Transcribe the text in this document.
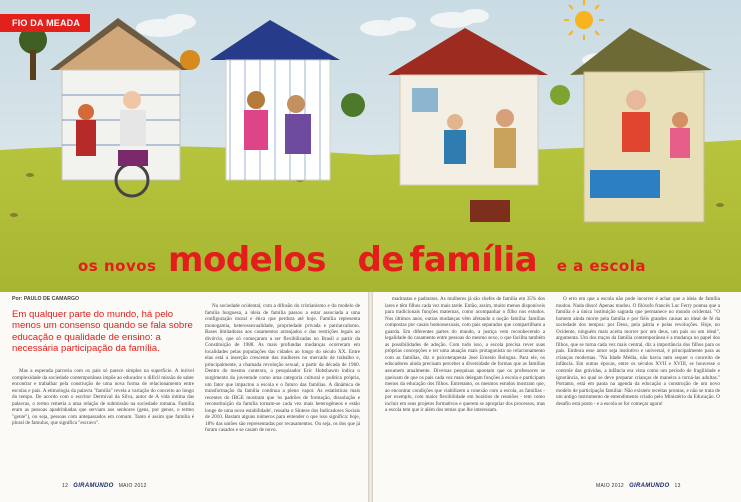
FIO DA MEADA
os novos modelos de família e a escola
Por: PAULO DE CAMARGO
Em qualquer parte do mundo, há pelo menos um consenso quando se fala sobre educação e qualidade de ensino: a necessária participação da família.

Mas a esperada parceria com os pais só parece simples na superfície. A inrível complexidade da sociedade contemporânea impõe ao educador o difícil missão de saber encontrar e trabalhar pela construção de uma nova forma de relacionamento entre escolas e pais. A etimologia da palavra "família" revela a variação do conceito ao longo do tempo. De acordo com o escritor Dermival da Silva, autor de A vida íntima das palavras, o termo remetia a uma relação de submissão na sociedade romana. Família eram as pessoas apadrinhadas que serviam aos senhores (gens, por genos, o termo "gente"), ou seja, pessoas com antepassados em comum. Tanto é assim que família é plural de famulus, que significa "escravo".

Na sociedade ocidental, com a difusão do cristianismo e do modelo de família burguesa, a ideia de família passou a estar associada a uma configuração moral e ética que perdura até hoje. Família representa monogamia, heterossexualidade, propriedade privada e patriarcalismo. Bases limitadoras aos casamentos arranjados e das restrições legais ao divórcio, que só começaram a ser flexibilizadas no Brasil a partir da Constituição de 1988. As mais profundas mudanças ocorreram em localidades pelas populações das cidades ao longo do século XX. Entre elas está a inserção crescente das mulheres no mercado de trabalho e, principalmente, a chamada revolução sexual, a partir da década de 1960. Dentro do mesmo contexto, o pesquisador Eric Hobsbawm indica o surgimento da juventude como uma categoria cultural e política própria, um fator que impactou a escola e o futuro das famílias. A dinâmica de transformação da família continua a pleno vapor. As estatísticas mais recentes do IBGE mostram que 'os padrões de formação, dissolução e reconstituição da família tornam-se cada vez mais heterogêneos e estão longe de uma nova estabilidade', ressalta o Síntese dos Indicadores Sociais de 2010. Bastam alguns números para entender o que isso significa: hoje, 18% das uniões são representadas por recasamentos. Ou seja, os dos que já foram casados e se casam de novo.

madrastas e padrastos. As mulheres já são chefes de família em 35% dos lares e têm filhos cada vez mais tarde. Então, assim, muito menos disponíveis para tradicionais funções maternas, como acompanhar o filho nos estudos. Nos últimos anos, outras mudanças vêm afetando a noção família: famílias compostas por casais homossexuais, com pais separados que compartilham a guarda. Em diferentes partes do mundo, a justiça vem reconhecendo a legalidade do casamento entre pessoas do mesmo sexo, o que facilita também as possibilidades de adoção. Com tudo isso, a escola precisa rever suas próprias concepções e ter uma atuação mais protagonista no relacionamento com as famílias, diz o psicoterapeuta José Ernesto Bologna. Para ele, os educadores ainda precisam perceber a diversidade de formas que as famílias assumem atualmente. Diversas pesquisas apontam que os professores se queixam de que os pais cada vez mais delegam funções à escola e participam menos da educação dos filhos. Entretanto, os mesmos estudos mostram que, ao encontrar condições que viabilizem a conexão com a escola, as famílias - por exemplo, com maior flexibilidade em horários de reuniões - tem como incluir em seus projetos formativos e querem se apropriar dos processos, mas a escola tem que ir além dos temas que lhe interessam.

O erro em que a escola não pode incorrer é achar que a ideia de família mudou. Nada disso! Apenas mudou. O filósofo francês Luc Ferry pontua que a família é a única instituição sagrada que permanece no mundo ocidental. "O homem ainda morre pela família e por fiéis grandes causas ao ideal de fé da sociedade dos tempos: por Deus, pela pátria e pelas revoluções. Hoje, no Ocidente, ninguém mais aceita morrer por um deus, um país ou um ideal", argumenta. Um dos traços da família contemporânea é a mudança no papel dos filhos, que se torna cada vez mais central, diz a importância dos filhos para os pais. Embora esse amor seja instintivo e universal, é principalmente para as crianças modernas. "Na Idade Média, não havia nem sequer o conceito de infância. Em outras épocas, entre os séculos XVII e XVIII, se houvesse o controle das grávidas, a infância era vista como um período de fragilidade e ignorância, no qual se deve preparar crianças de maneira a torná-las adultas." Portanto, está em pauta na agenda da educação a construção de um novo modelo de participação familiar. Não existem receitas prontas, e não se trata de um antigo instrumento de entendimento criado pelo Ministério da Educação. O desafio está posto - e a escola se for começar agora!

12 GIRAMUNDO MAIO 2012	MAIO 2012 GIRAMUNDO 13
